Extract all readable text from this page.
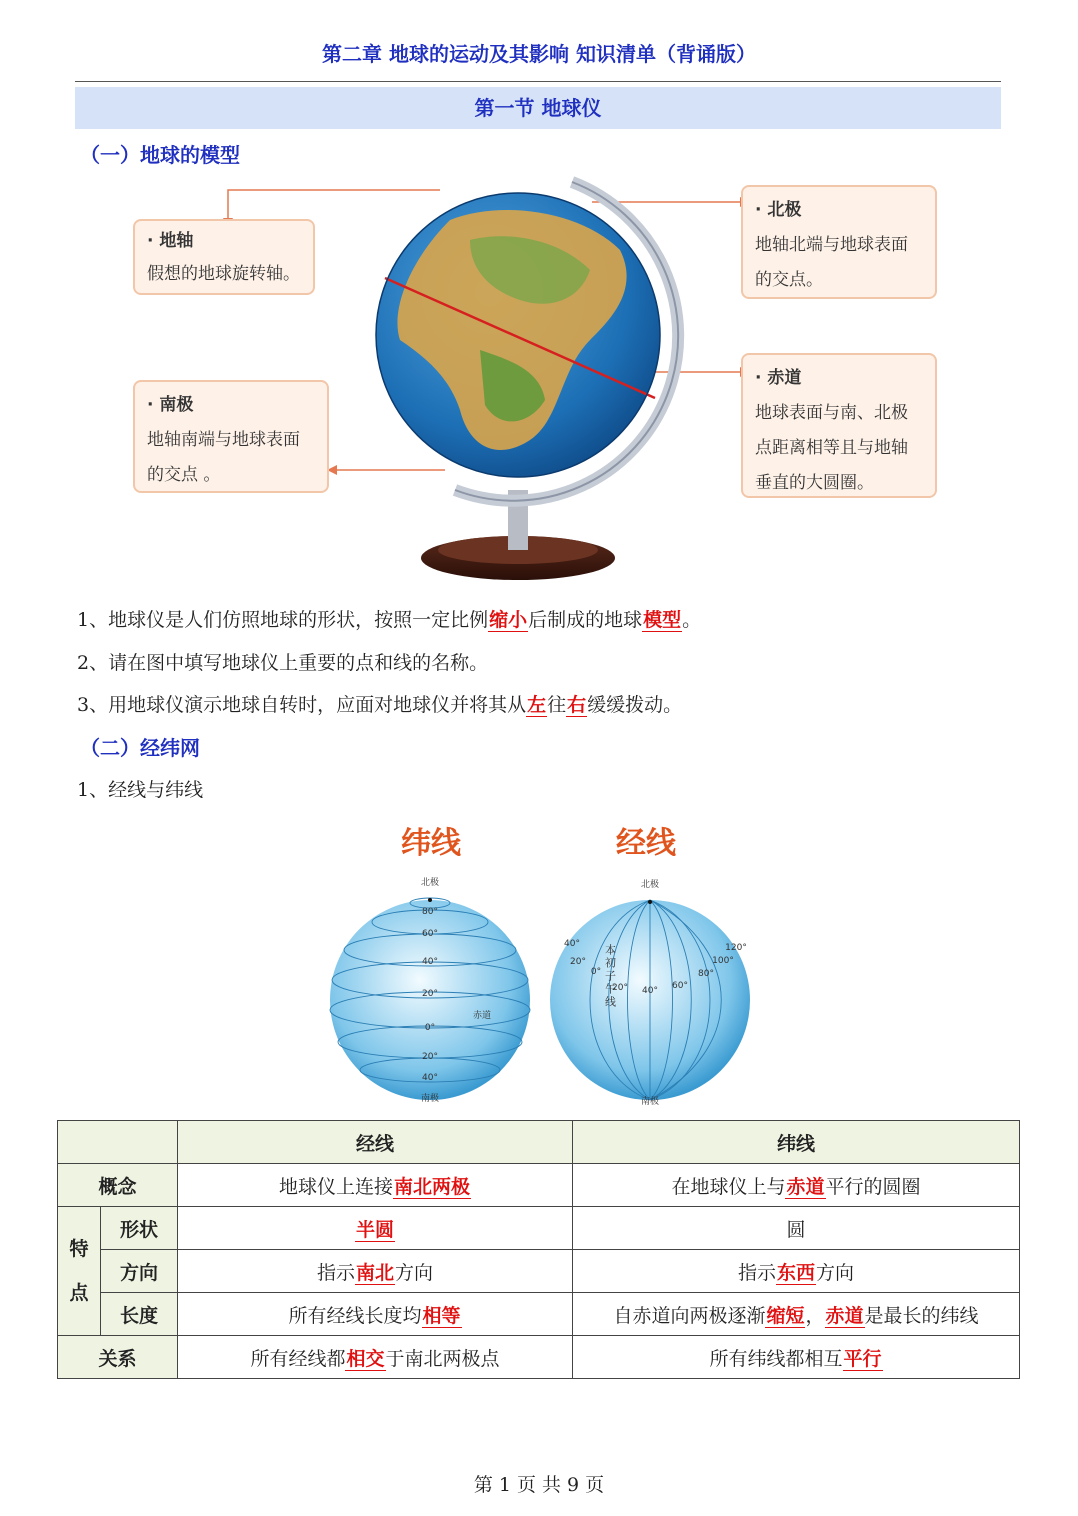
第二章 地球的运动及其影响 知识清单（背诵版）
第一节 地球仪
（一）地球的模型
· 地轴
假想的地球旋转轴。
· 北极
地轴北端与地球表面的交点。
· 南极
地轴南端与地球表面的交点 。
· 赤道
地球表面与南、北极点距离相等且与地轴垂直的大圆圈。
1、地球仪是人们仿照地球的形状，按照一定比例缩小后制成的地球模型。
2、请在图中填写地球仪上重要的点和线的名称。
3、用地球仪演示地球自转时，应面对地球仪并将其从左往右缓缓拨动。
（二）经纬网
1、经线与纬线
纬线	经线
北极
南极
赤道
80°
60°
40°
20°
0°
20°
40°
北极
南极
40°
20°
0°
20° 40° 60°
80°
100°
120°
本初子午线
		经线	纬线
概念		地球仪上连接南北两极	在地球仪上与赤道平行的圆圈
特
点	形状	半圆	圆
	方向	指示南北方向	指示东西方向
	长度	所有经线长度均相等	自赤道向两极逐渐缩短，赤道是最长的纬线
关系		所有经线都相交于南北两极点	所有纬线都相互平行
第 1 页 共 9 页
